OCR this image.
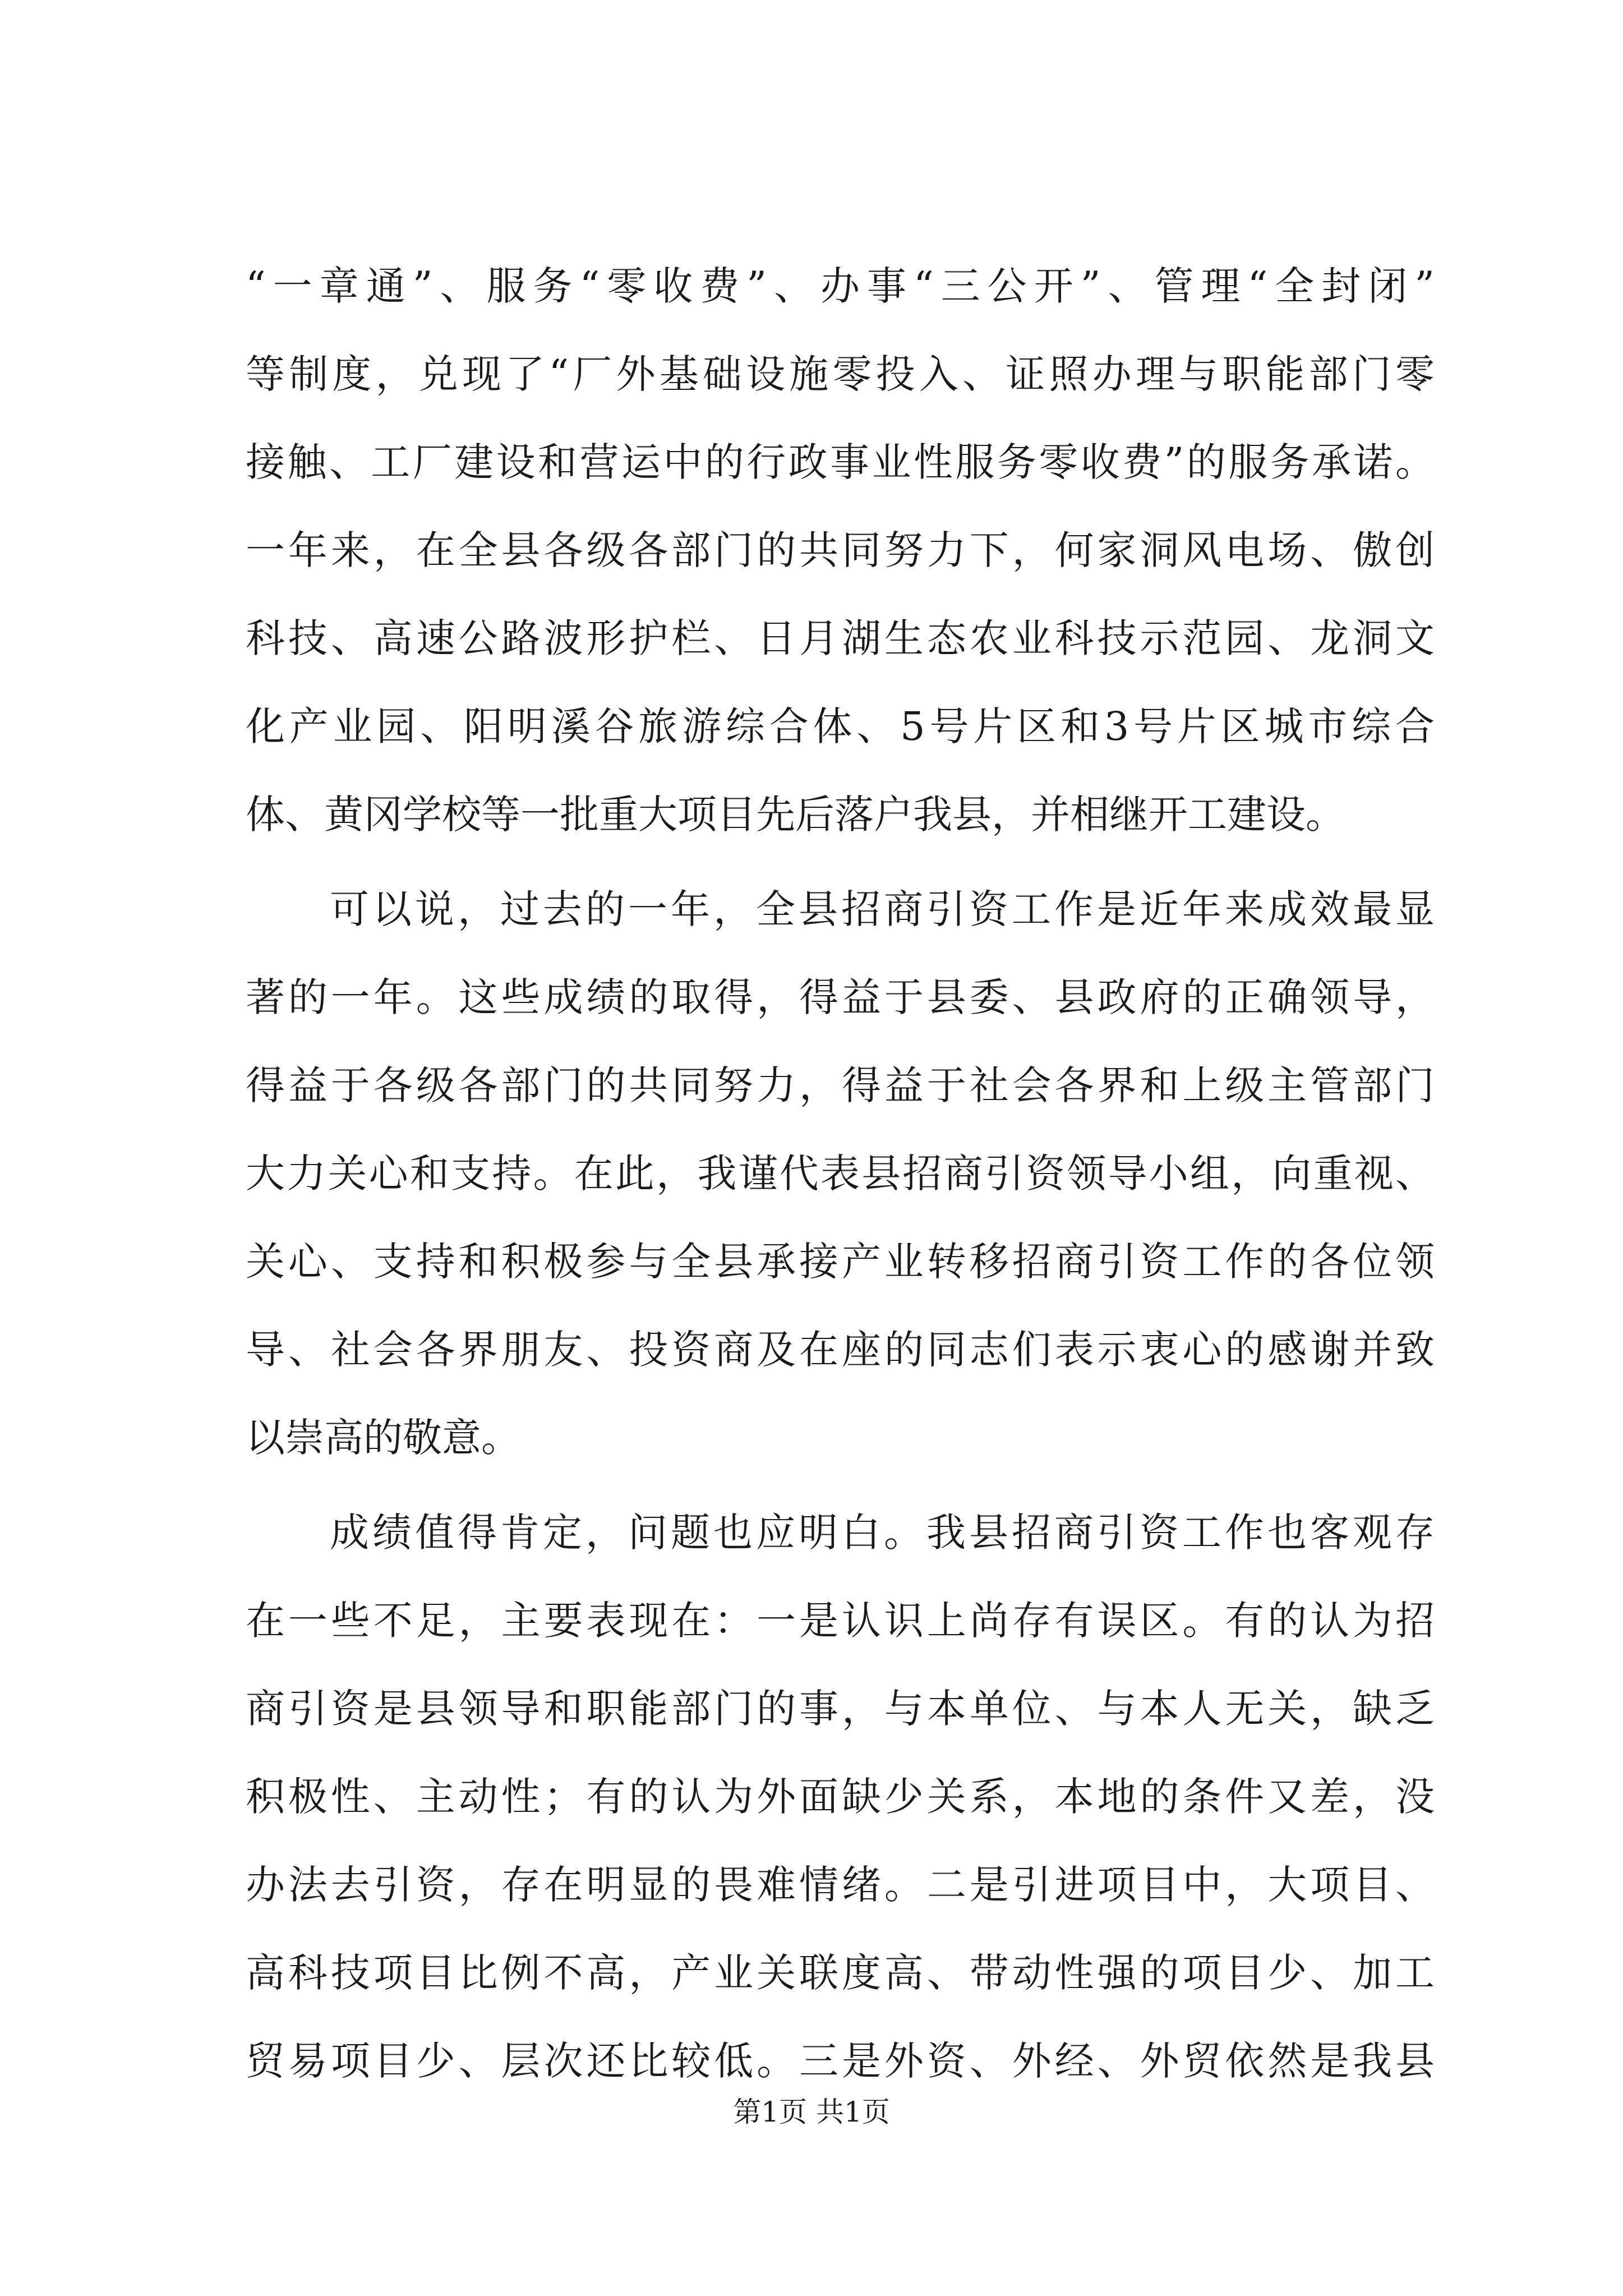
“一章通”、服务“零收费”、办事“三公开”、管理“全封闭”
等制度，兑现了“厂外基础设施零投入、证照办理与职能部门零
接触、工厂建设和营运中的行政事业性服务零收费”的服务承诺。
一年来，在全县各级各部门的共同努力下，何家洞风电场、傲创
科技、高速公路波形护栏、日月湖生态农业科技示范园、龙洞文
化产业园、阳明溪谷旅游综合体、5号片区和3号片区城市综合
体、黄冈学校等一批重大项目先后落户我县，并相继开工建设。
可以说，过去的一年，全县招商引资工作是近年来成效最显
著的一年。这些成绩的取得，得益于县委、县政府的正确领导，
得益于各级各部门的共同努力，得益于社会各界和上级主管部门
大力关心和支持。在此，我谨代表县招商引资领导小组，向重视、
关心、支持和积极参与全县承接产业转移招商引资工作的各位领
导、社会各界朋友、投资商及在座的同志们表示衷心的感谢并致
以崇高的敬意。
成绩值得肯定，问题也应明白。我县招商引资工作也客观存
在一些不足，主要表现在：一是认识上尚存有误区。有的认为招
商引资是县领导和职能部门的事，与本单位、与本人无关，缺乏
积极性、主动性；有的认为外面缺少关系，本地的条件又差，没
办法去引资，存在明显的畏难情绪。二是引进项目中，大项目、
高科技项目比例不高，产业关联度高、带动性强的项目少、加工
贸易项目少、层次还比较低。三是外资、外经、外贸依然是我县
第1页 共1页
